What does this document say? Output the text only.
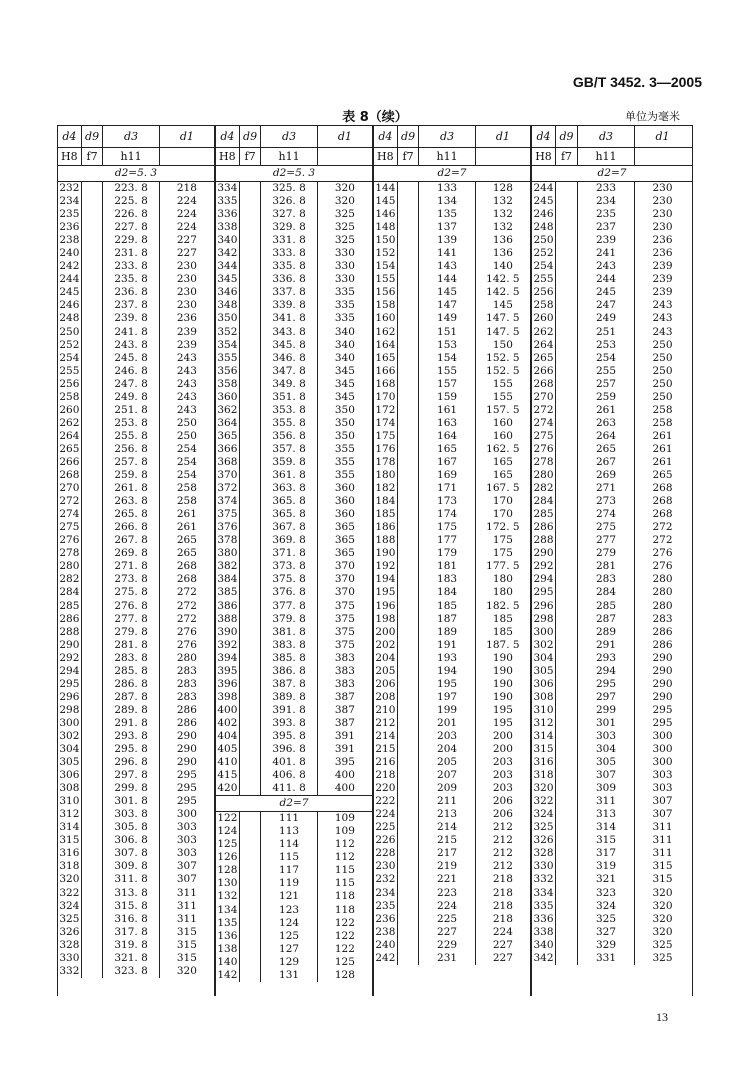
GB/T 3452. 3—2005
表 8（续）	单位为毫米
d4 d9	d3	d1
H8 f7	h11
d2=5. 3
232	223. 8	218
234	225. 8	224
235	226. 8	224
236	227. 8	224
238	229. 8	227
240	231. 8	227
242	233. 8	230
244	235. 8	230
245	236. 8	230
246	237. 8	230
248	239. 8	236
250	241. 8	239
252	243. 8	239
254	245. 8	243
255	246. 8	243
256	247. 8	243
258	249. 8	243
260	251. 8	243
262	253. 8	250
264	255. 8	250
265	256. 8	254
266	257. 8	254
268	259. 8	254
270	261. 8	258
272	263. 8	258
274	265. 8	261
275	266. 8	261
276	267. 8	265
278	269. 8	265
280	271. 8	268
282	273. 8	268
284	275. 8	272
285	276. 8	272
286	277. 8	272
288	279. 8	276
290	281. 8	276
292	283. 8	280
294	285. 8	283
295	286. 8	283
296	287. 8	283
298	289. 8	286
300	291. 8	286
302	293. 8	290
304	295. 8	290
305	296. 8	290
306	297. 8	295
308	299. 8	295
310	301. 8	295
312	303. 8	300
314	305. 8	303
315	306. 8	303
316	307. 8	303
318	309. 8	307
320	311. 8	307
322	313. 8	311
324	315. 8	311
325	316. 8	311
326	317. 8	315
328	319. 8	315
330	321. 8	315
332	323. 8	320
d4 d9	d3	d1
H8 f7	h11
d2=5. 3
334	325. 8	320
335	326. 8	320
336	327. 8	325
338	329. 8	325
340	331. 8	325
342	333. 8	330
344	335. 8	330
345	336. 8	330
346	337. 8	335
348	339. 8	335
350	341. 8	335
352	343. 8	340
354	345. 8	340
355	346. 8	340
356	347. 8	345
358	349. 8	345
360	351. 8	345
362	353. 8	350
364	355. 8	350
365	356. 8	350
366	357. 8	355
368	359. 8	355
370	361. 8	355
372	363. 8	360
374	365. 8	360
375	365. 8	360
376	367. 8	365
378	369. 8	365
380	371. 8	365
382	373. 8	370
384	375. 8	370
385	376. 8	370
386	377. 8	375
388	379. 8	375
390	381. 8	375
392	383. 8	375
394	385. 8	383
395	386. 8	383
396	387. 8	383
398	389. 8	387
400	391. 8	387
402	393. 8	387
404	395. 8	391
405	396. 8	391
410	401. 8	395
415	406. 8	400
420	411. 8	400
d2=7
122	111	109
124	113	109
125	114	112
126	115	112
128	117	115
130	119	115
132	121	118
134	123	118
135	124	122
136	125	122
138	127	122
140	129	125
142	131	128
d4 d9	d3	d1
H8 f7	h11
d2=7
144	133	128
145	134	132
146	135	132
148	137	132
150	139	136
152	141	136
154	143	140
155	144	142. 5
156	145	142. 5
158	147	145
160	149	147. 5
162	151	147. 5
164	153	150
165	154	152. 5
166	155	152. 5
168	157	155
170	159	155
172	161	157. 5
174	163	160
175	164	160
176	165	162. 5
178	167	165
180	169	165
182	171	167. 5
184	173	170
185	174	170
186	175	172. 5
188	177	175
190	179	175
192	181	177. 5
194	183	180
195	184	180
196	185	182. 5
198	187	185
200	189	185
202	191	187. 5
204	193	190
205	194	190
206	195	190
208	197	190
210	199	195
212	201	195
214	203	200
215	204	200
216	205	203
218	207	203
220	209	203
222	211	206
224	213	206
225	214	212
226	215	212
228	217	212
230	219	212
232	221	218
234	223	218
235	224	218
236	225	218
238	227	224
240	229	227
242	231	227
d4 d9	d3	d1
H8 f7	h11
d2=7
244	233	230
245	234	230
246	235	230
248	237	230
250	239	236
252	241	236
254	243	239
255	244	239
256	245	239
258	247	243
260	249	243
262	251	243
264	253	250
265	254	250
266	255	250
268	257	250
270	259	250
272	261	258
274	263	258
275	264	261
276	265	261
278	267	261
280	269	265
282	271	268
284	273	268
285	274	268
286	275	272
288	277	272
290	279	276
292	281	276
294	283	280
295	284	280
296	285	280
298	287	283
300	289	286
302	291	286
304	293	290
305	294	290
306	295	290
308	297	290
310	299	295
312	301	295
314	303	300
315	304	300
316	305	300
318	307	303
320	309	303
322	311	307
324	313	307
325	314	311
326	315	311
328	317	311
330	319	315
332	321	315
334	323	320
335	324	320
336	325	320
338	327	320
340	329	325
342	331	325
13
